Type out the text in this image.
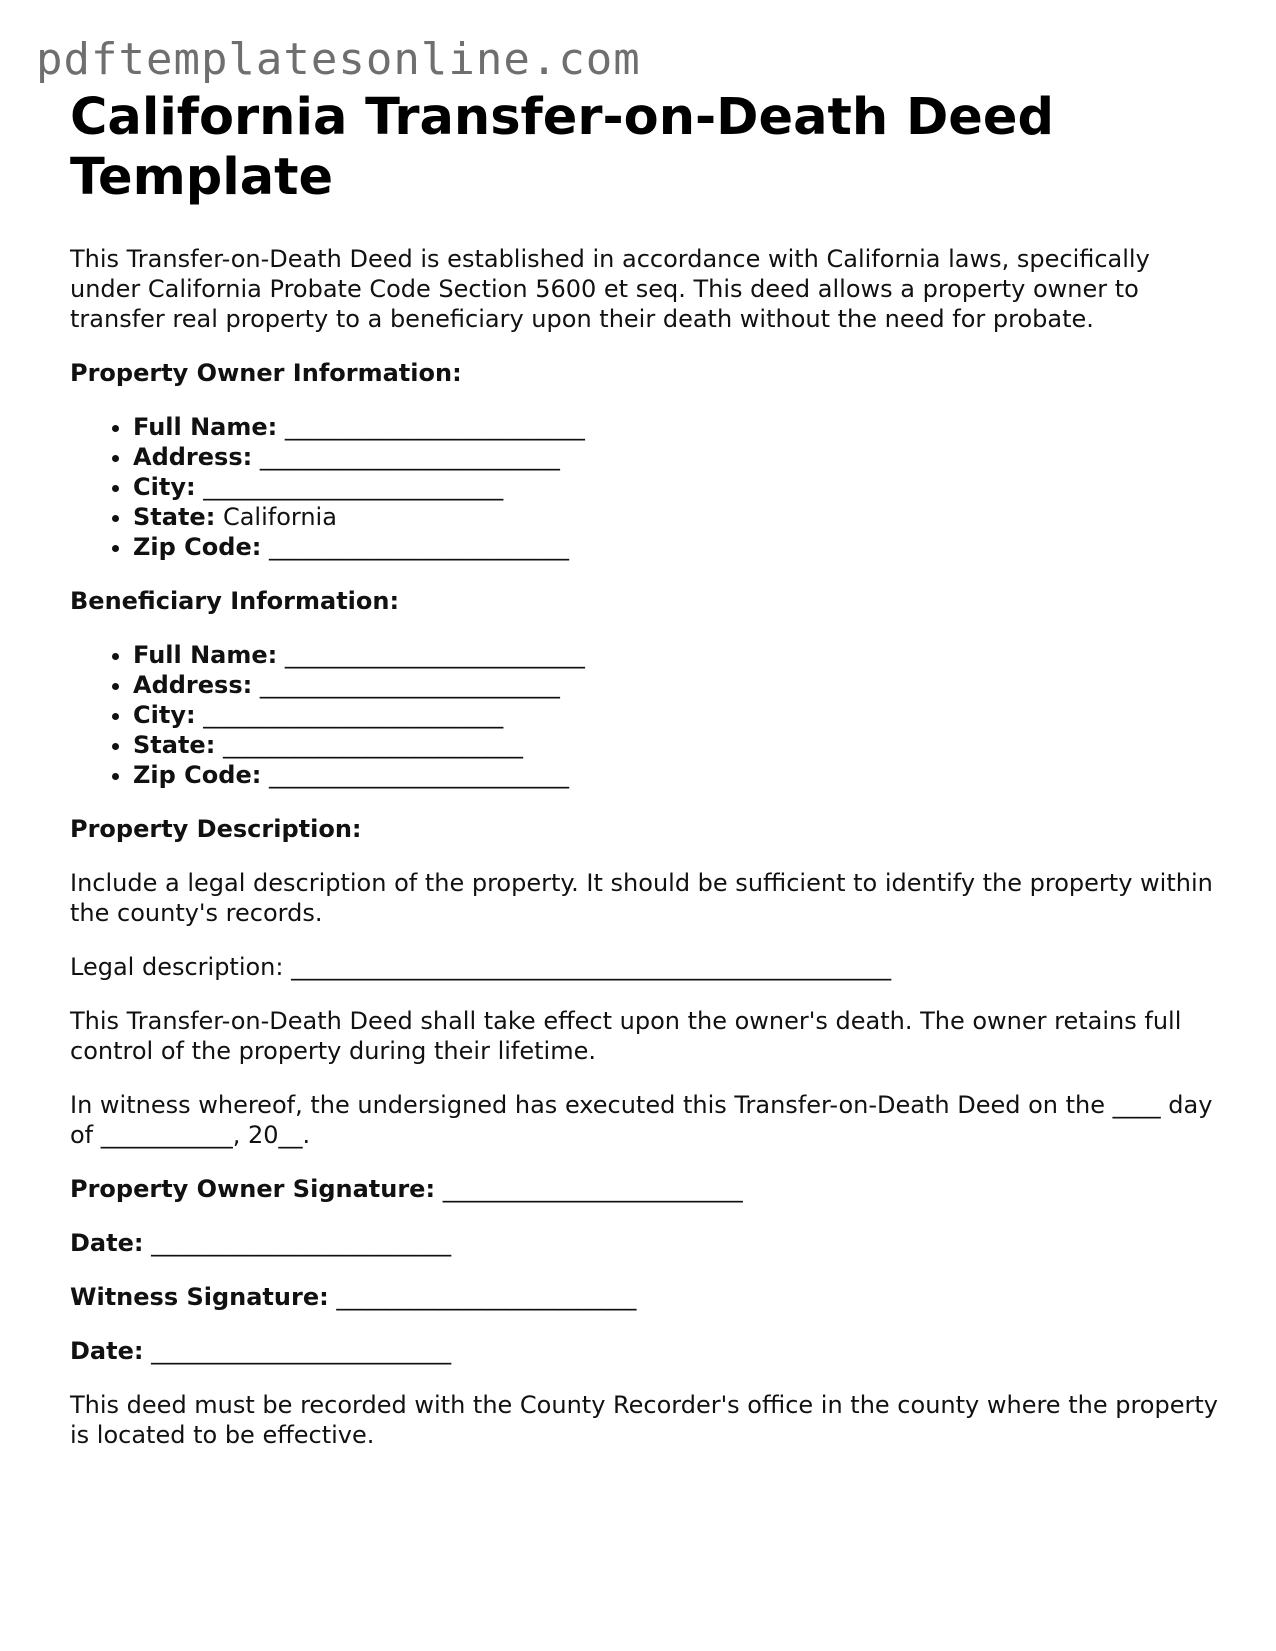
pdftemplatesonline.com
California Transfer-on-Death Deed Template

This Transfer-on-Death Deed is established in accordance with California laws, specifically under California Probate Code Section 5600 et seq. This deed allows a property owner to transfer real property to a beneficiary upon their death without the need for probate.

Property Owner Information:

• Full Name: _________________________
• Address: _________________________
• City: _________________________
• State: California
• Zip Code: _________________________

Beneficiary Information:

• Full Name: _________________________
• Address: _________________________
• City: _________________________
• State: _________________________
• Zip Code: _________________________

Property Description:

Include a legal description of the property. It should be sufficient to identify the property within the county's records.

Legal description: __________________________________________________

This Transfer-on-Death Deed shall take effect upon the owner's death. The owner retains full control of the property during their lifetime.

In witness whereof, the undersigned has executed this Transfer-on-Death Deed on the ____ day of ___________, 20__.

Property Owner Signature: _________________________

Date: _________________________

Witness Signature: _________________________

Date: _________________________

This deed must be recorded with the County Recorder's office in the county where the property is located to be effective.
